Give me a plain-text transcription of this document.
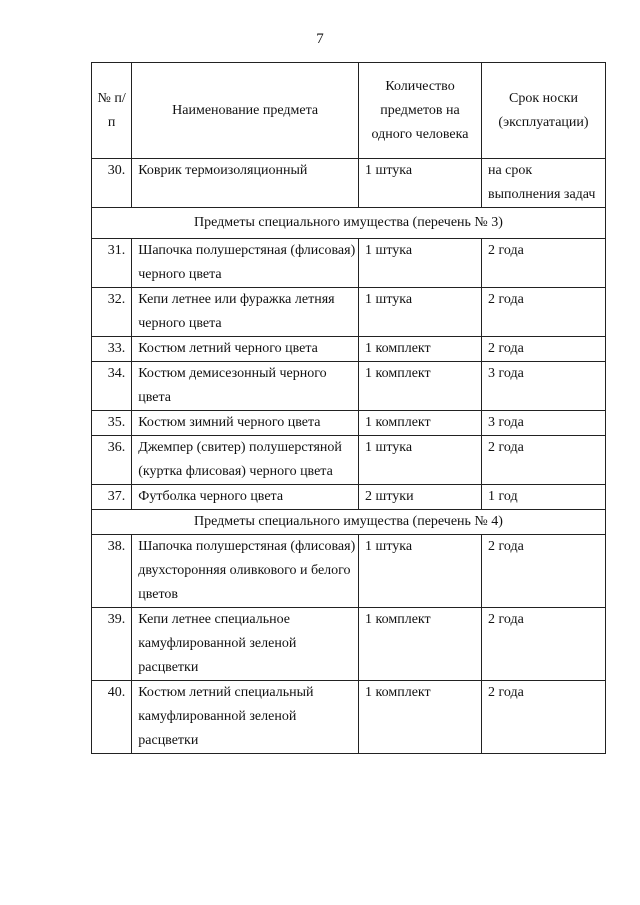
7
№ п/п	Наименование предмета	Количество предметов на одного человека	Срок носки (эксплуатации)
30.	Коврик термоизоляционный	1 штука	на срок выполнения задач
Предметы специального имущества (перечень № 3)			
31.	Шапочка полушерстяная (флисовая) черного цвета	1 штука	2 года
32.	Кепи летнее или фуражка летняя черного цвета	1 штука	2 года
33.	Костюм летний черного цвета	1 комплект	2 года
34.	Костюм демисезонный черного цвета	1 комплект	3 года
35.	Костюм зимний черного цвета	1 комплект	3 года
36.	Джемпер (свитер) полушерстяной (куртка флисовая) черного цвета	1 штука	2 года
37.	Футболка черного цвета	2 штуки	1 год
Предметы специального имущества (перечень № 4)			
38.	Шапочка полушерстяная (флисовая) двухсторонняя оливкового и белого цветов	1 штука	2 года
39.	Кепи летнее специальное камуфлированной зеленой расцветки	1 комплект	2 года
40.	Костюм летний специальный камуфлированной зеленой расцветки	1 комплект	2 года
